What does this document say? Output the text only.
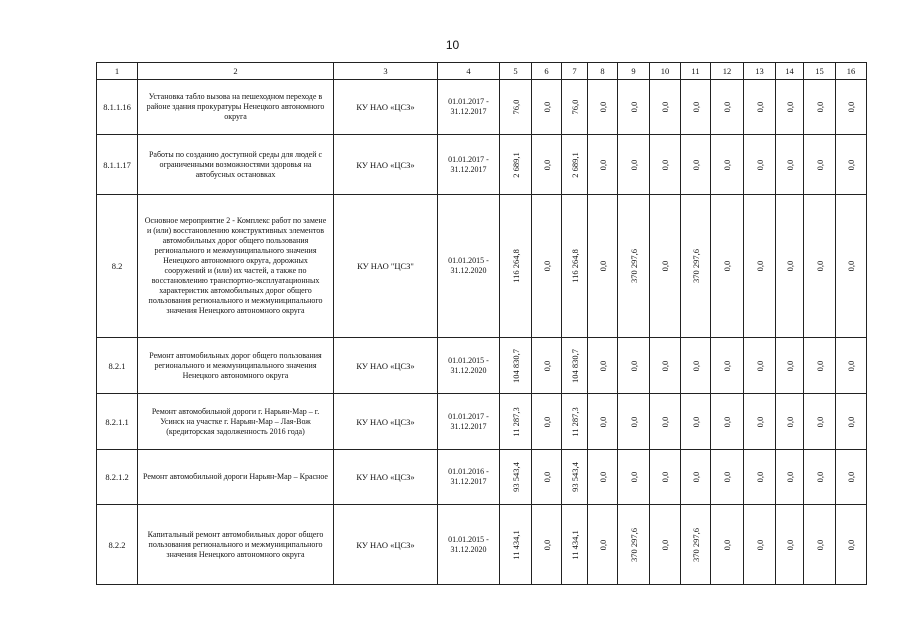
10
1	2	3	4	5	6	7	8	9	10	11	12	13	14	15	16
8.1.1.16	Установка табло вызова на пешеходном переходе в районе здания прокуратуры Ненецкого автономного округа	КУ НАО «ЦСЗ»	01.01.2017 - 31.12.2017	76,0	0,0	76,0	0,0	0,0	0,0	0,0	0,0	0,0	0,0	0,0	0,0

8.1.1.17	Работы по созданию доступной среды для людей с ограниченными возможностями здоровья на автобусных остановках	КУ НАО «ЦСЗ»	01.01.2017 - 31.12.2017	2 689,1	0,0	2 689,1	0,0	0,0	0,0	0,0	0,0	0,0	0,0	0,0	0,0

8.2	Основное мероприятие 2 - Комплекс работ по замене и (или) восстановлению конструктивных элементов автомобильных дорог общего пользования регионального и межмуниципального значения Ненецкого автономного округа, дорожных сооружений и (или) их частей, а также по восстановлению транспортно-эксплуатационных характеристик автомобильных дорог общего пользования регионального и межмуниципального значения Ненецкого автономного округа	КУ НАО "ЦСЗ"	01.01.2015 - 31.12.2020	116 264,8	0,0	116 264,8	0,0	370 297,6	0,0	370 297,6	0,0	0,0	0,0	0,0	0,0

8.2.1	Ремонт автомобильных дорог общего пользования регионального и межмуниципального значения Ненецкого автономного округа	КУ НАО «ЦСЗ»	01.01.2015 - 31.12.2020	104 830,7	0,0	104 830,7	0,0	0,0	0,0	0,0	0,0	0,0	0,0	0,0	0,0

8.2.1.1	Ремонт автомобильной дороги г. Нарьян-Мар – г. Усинск на участке г. Нарьян-Мар – Лая-Вож (кредиторская задолженность 2016 года)	КУ НАО «ЦСЗ»	01.01.2017 - 31.12.2017	11 287,3	0,0	11 287,3	0,0	0,0	0,0	0,0	0,0	0,0	0,0	0,0	0,0

8.2.1.2	Ремонт автомобильной дороги Нарьян-Мар – Красное	КУ НАО «ЦСЗ»	01.01.2016 - 31.12.2017	93 543,4	0,0	93 543,4	0,0	0,0	0,0	0,0	0,0	0,0	0,0	0,0	0,0

8.2.2	Капитальный ремонт автомобильных дорог общего пользования регионального и межмуниципального значения Ненецкого автономного округа	КУ НАО «ЦСЗ»	01.01.2015 - 31.12.2020	11 434,1	0,0	11 434,1	0,0	370 297,6	0,0	370 297,6	0,0	0,0	0,0	0,0	0,0
